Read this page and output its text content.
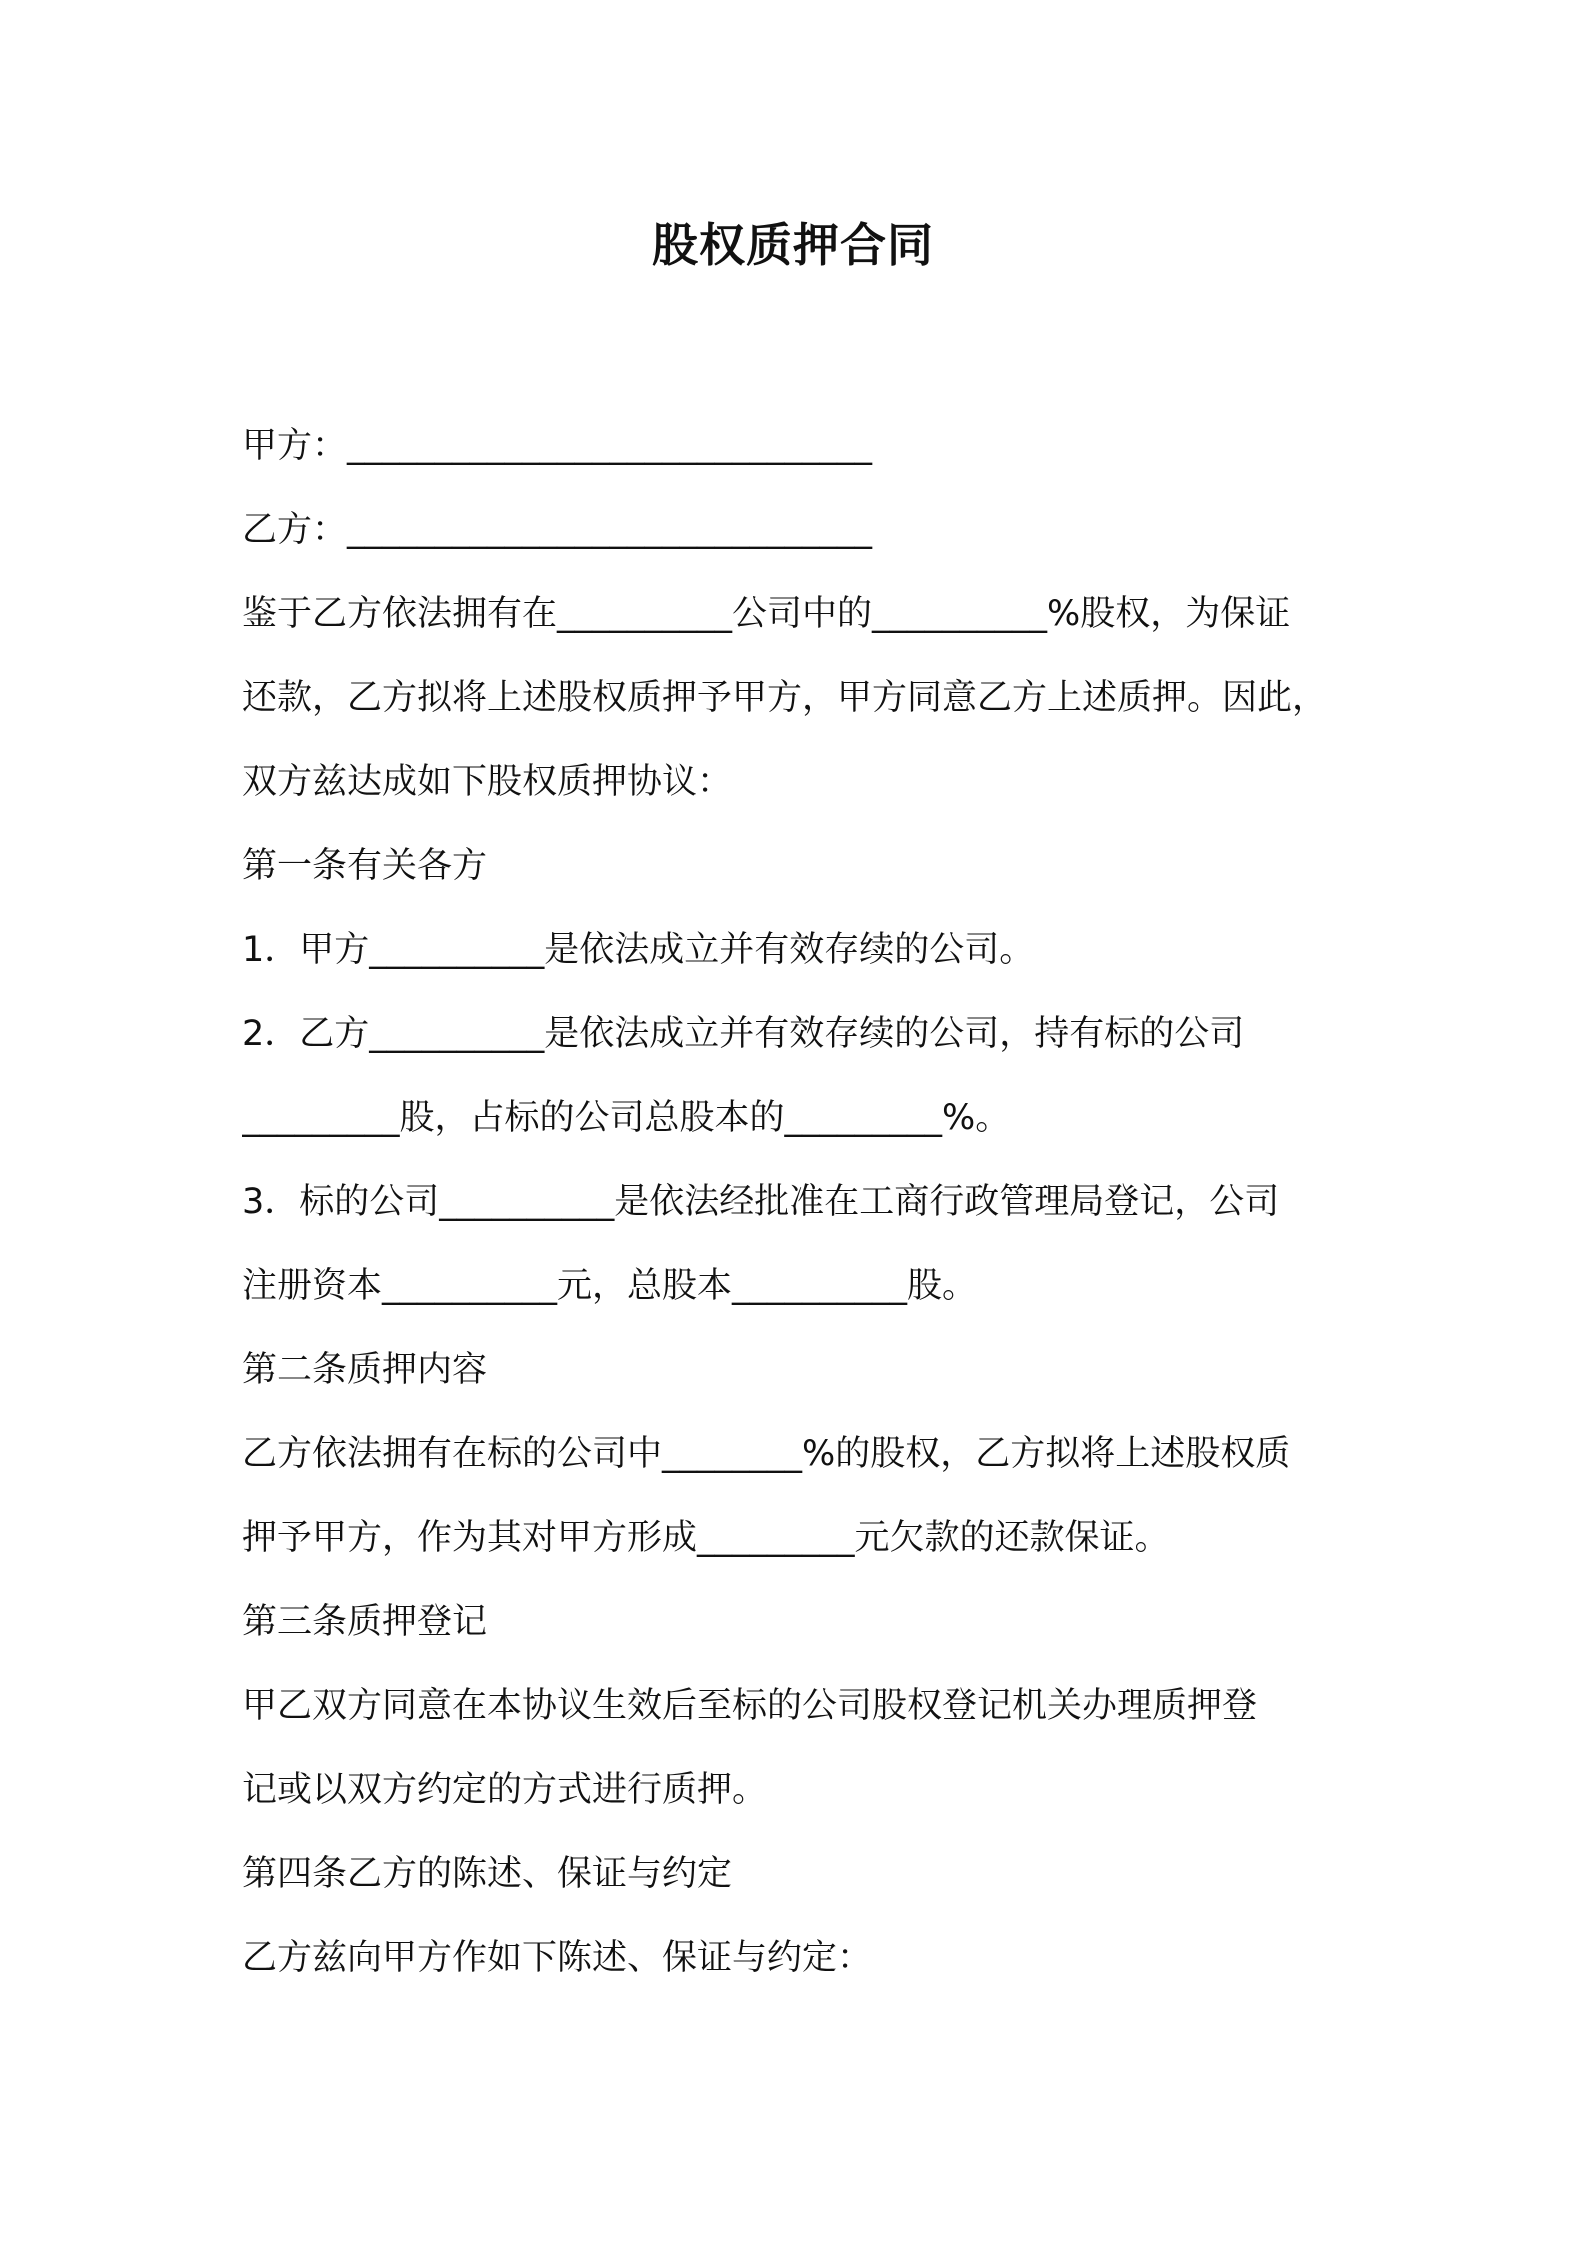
股权质押合同
甲方：______________________________
乙方：______________________________
鉴于乙方依法拥有在__________公司中的__________%股权，为保证
还款，乙方拟将上述股权质押予甲方，甲方同意乙方上述质押。因此，
双方兹达成如下股权质押协议：
第一条有关各方
1．甲方__________是依法成立并有效存续的公司。
2．乙方__________是依法成立并有效存续的公司，持有标的公司
_________股，占标的公司总股本的_________%。
3．标的公司__________是依法经批准在工商行政管理局登记，公司
注册资本__________元，总股本__________股。
第二条质押内容
乙方依法拥有在标的公司中________%的股权，乙方拟将上述股权质
押予甲方，作为其对甲方形成_________元欠款的还款保证。
第三条质押登记
甲乙双方同意在本协议生效后至标的公司股权登记机关办理质押登
记或以双方约定的方式进行质押。
第四条乙方的陈述、保证与约定
乙方兹向甲方作如下陈述、保证与约定：
